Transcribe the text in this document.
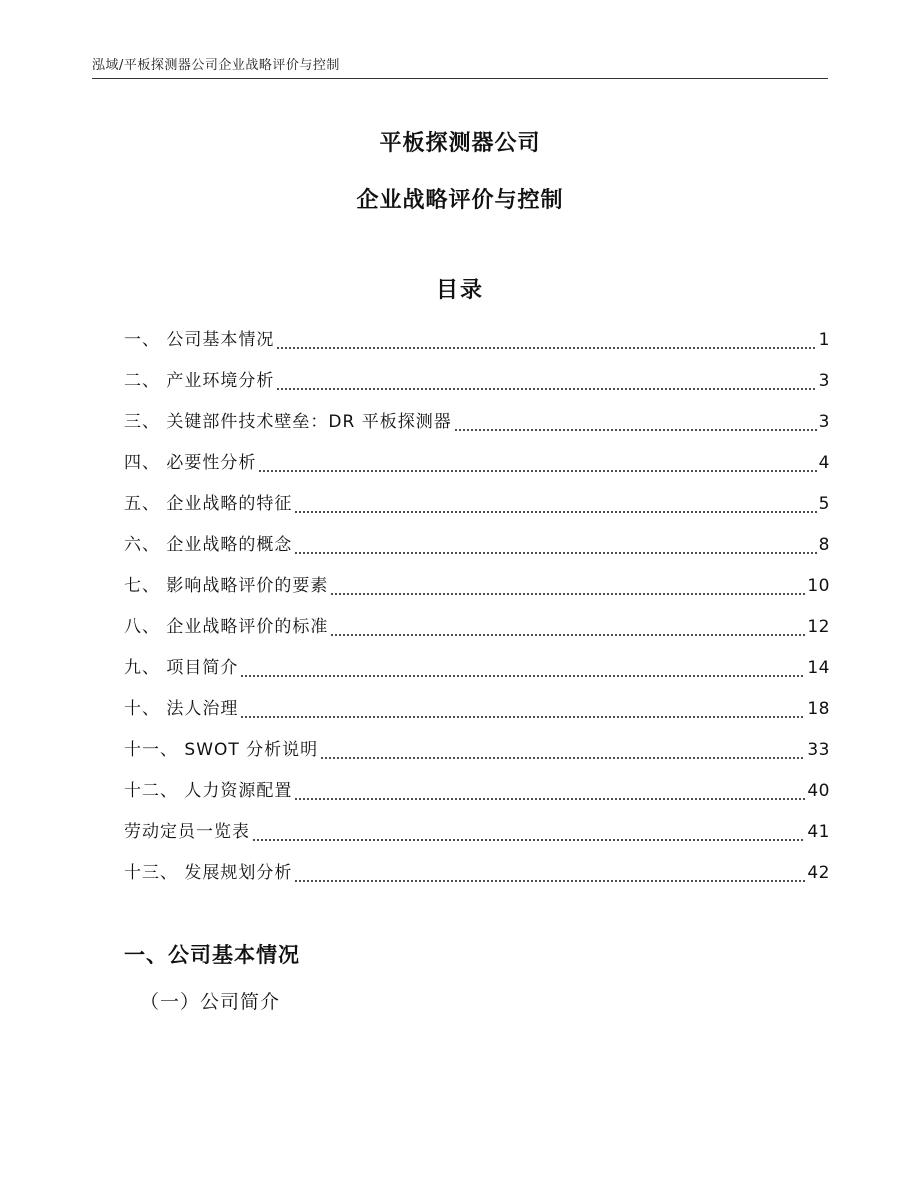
泓域/平板探测器公司企业战略评价与控制
平板探测器公司
企业战略评价与控制
目录
一、 公司基本情况	1
二、 产业环境分析	3
三、 关键部件技术壁垒：DR 平板探测器	3
四、 必要性分析	4
五、 企业战略的特征	5
六、 企业战略的概念	8
七、 影响战略评价的要素	10
八、 企业战略评价的标准	12
九、 项目简介	14
十、 法人治理	18
十一、 SWOT 分析说明	33
十二、 人力资源配置	40
劳动定员一览表	41
十三、 发展规划分析	42
一、公司基本情况
（一）公司简介
